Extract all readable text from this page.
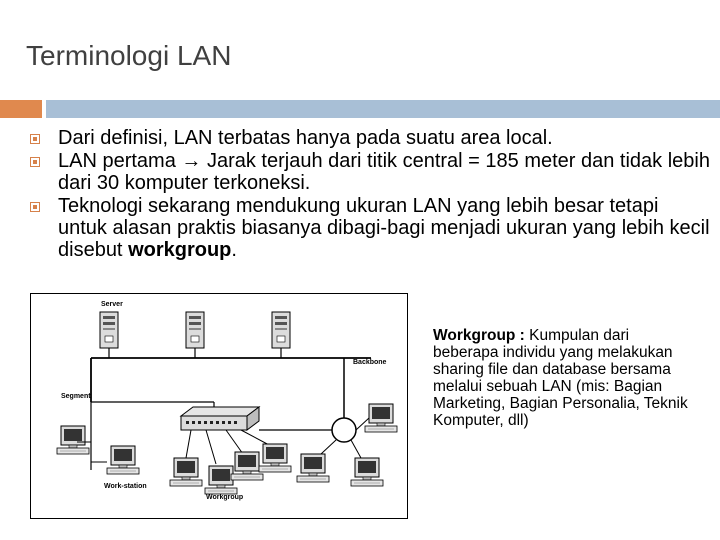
Terminologi LAN
Dari definisi, LAN terbatas hanya pada suatu area local.
LAN pertama → Jarak terjauh dari titik central = 185 meter dan tidak lebih dari 30 komputer terkoneksi.
Teknologi sekarang mendukung ukuran LAN yang lebih besar tetapi untuk alasan praktis biasanya dibagi-bagi menjadi ukuran yang lebih kecil disebut workgroup.
Server
Backbone
Segment
Work-station
Workgroup
Workgroup : Kumpulan dari beberapa individu yang melakukan sharing file dan database bersama melalui sebuah LAN (mis: Bagian Marketing, Bagian Personalia, Teknik Komputer, dll)
